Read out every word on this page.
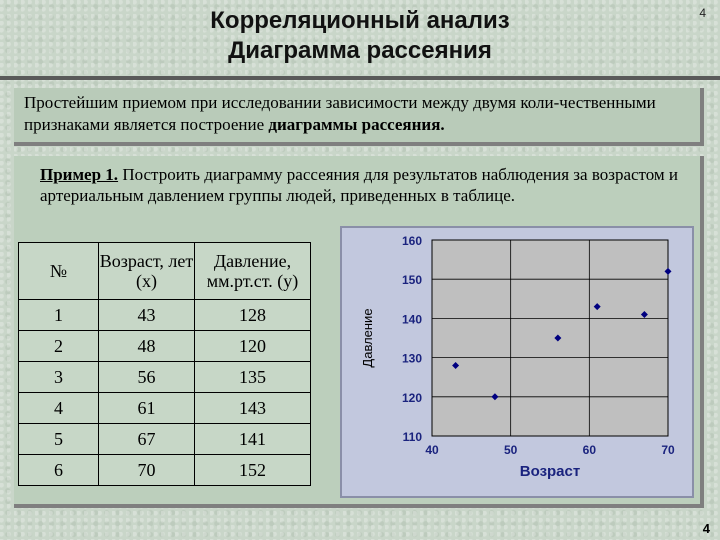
Корреляционный анализ
Диаграмма рассеяния
4
Простейшим приемом при исследовании зависимости между двумя коли-чественными признаками является построение диаграммы рассеяния.
Пример 1. Построить диаграмму рассеяния для результатов наблюдения за возрастом и артериальным давлением группы людей, приведенных в таблице.
№	Возраст, лет (х)	Давление, мм.рт.ст. (у)
1	43	128
2	48	120
3	56	135
4	61	143
5	67	141
6	70	152
160
150
140
130
120
110
40	50	60	70
Возраст
Давление
4
